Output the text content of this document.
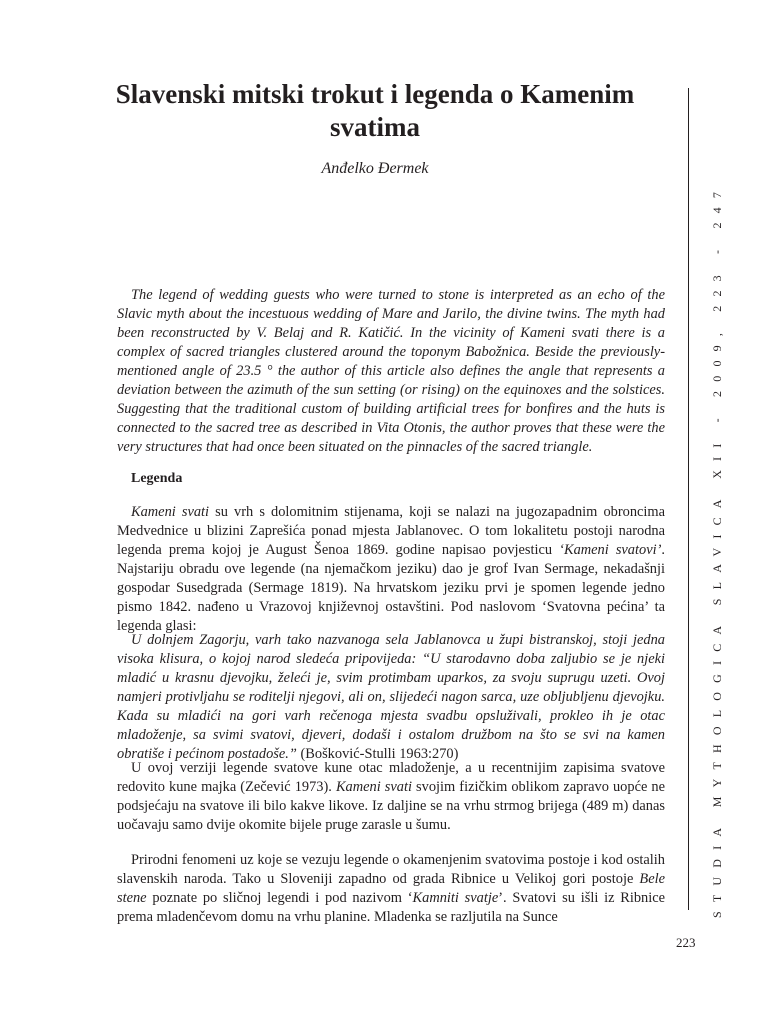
Slavenski mitski trokut i legenda o Kamenim svatima

Anđelko Đermek

The legend of wedding guests who were turned to stone is interpreted as an echo of the Slavic myth about the incestuous wedding of Mare and Jarilo, the divine twins. The myth had been reconstructed by V. Belaj and R. Katičić. In the vicinity of Kameni svati there is a complex of sacred triangles clustered around the toponym Babožnica. Beside the previously-mentioned angle of 23.5 ° the author of this article also defines the angle that represents a deviation between the azimuth of the sun setting (or rising) on the equinoxes and the solstices. Suggesting that the traditional custom of building artificial trees for bonfires and the huts is connected to the sacred tree as described in Vita Otonis, the author proves that these were the very structures that had once been situated on the pinnacles of the sacred triangle.

Legenda

Kameni svati su vrh s dolomitnim stijenama, koji se nalazi na jugozapadnim obroncima Medvednice u blizini Zaprešića ponad mjesta Jablanovec. O tom lokalitetu postoji narodna legenda prema kojoj je August Šenoa 1869. godine napisao povjesticu ‘Kameni svatovi’. Najstariju obradu ove legende (na njemačkom jeziku) dao je grof Ivan Sermage, nekadašnji gospodar Susedgrada (Sermage 1819). Na hrvatskom jeziku prvi je spomen legende jedno pismo 1842. nađeno u Vrazovoj književnoj ostavštini. Pod naslovom ‘Svatovna pećina’ ta legenda glasi:

U dolnjem Zagorju, varh tako nazvanoga sela Jablanovca u župi bistranskoj, stoji jedna visoka klisura, o kojoj narod sledeća pripovijeda: “U starodavno doba zaljubio se je njeki mladić u krasnu djevojku, želeći je, svim protimbam uparkos, za svoju suprugu uzeti. Ovoj namjeri protivljahu se roditelji njegovi, ali on, slijedeći nagon sarca, uze obljubljenu djevojku. Kada su mladići na gori varh rečenoga mjesta svadbu opsluživali, prokleo ih je otac mladoženje, sa svimi svatovi, djeveri, dodaši i ostalom družbom na što se svi na kamen obratiše i pećinom postadoše.” (Bošković-Stulli 1963:270)

U ovoj verziji legende svatove kune otac mladoženje, a u recentnijim zapisima svatove redovito kune majka (Zečević 1973). Kameni svati svojim fizičkim oblikom zapravo uopće ne podsjećaju na svatove ili bilo kakve likove. Iz daljine se na vrhu strmog brijega (489 m) danas uočavaju samo dvije okomite bijele pruge zarasle u šumu.

Prirodni fenomeni uz koje se vezuju legende o okamenjenim svatovima postoje i kod ostalih slavenskih naroda. Tako u Sloveniji zapadno od grada Ribnice u Velikoj gori postoje Bele stene poznate po sličnoj legendi i pod nazivom ‘Kamniti svatje’. Svatovi su išli iz Ribnice prema mladenčevom domu na vrhu planine. Mladenka se razljutila na Sunce	STUDIA MYTHOLOGICA SLAVICA XII - 2009, 223 - 247
223
